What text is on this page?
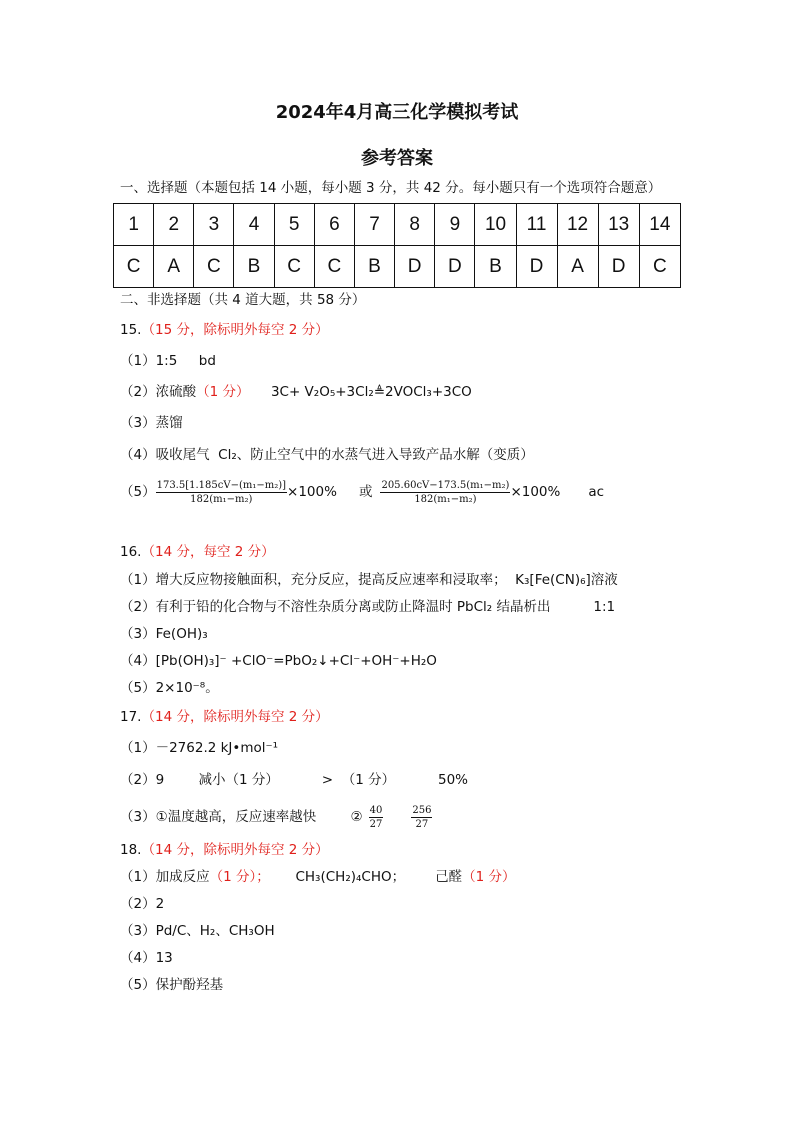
2024年4月高三化学模拟考试
参考答案
一、选择题（本题包括 14 小题，每小题 3 分，共 42 分。每小题只有一个选项符合题意）
1	2	3	4	5	6	7	8	9	10	11	12	13	14
C	A	C	B	C	C	B	D	D	B	D	A	D	C
二、非选择题（共 4 道大题，共 58 分）
15.（15 分，除标明外每空 2 分）
（1）1:5     bd
（2）浓硫酸（1 分）     3C+ V₂O₅+3Cl₂≜2VOCl₃+3CO
（3）蒸馏
（4）吸收尾气  Cl₂、防止空气中的水蒸气进入导致产品水解（变质）
$(5) \frac{\text{173.5[1.185cV−(m₁−m₂)]}}{\text{182(m₁−m₂)}} \times 100\%$ 或 $\frac{\text{205.60cV−173.5(m₁−m₂)}}{\text{182(m₁−m₂)}} \times 100\%$ ac
16.（14 分，每空 2 分）
（1）增大反应物接触面积，充分反应，提高反应速率和浸取率；  K₃[Fe(CN)₆]溶液
（2）有利于铅的化合物与不溶性杂质分离或防止降温时 PbCl₂ 结晶析出          1:1
（3）Fe(OH)₃
（4）[Pb(OH)₃]⁻ +ClO⁻=PbO₂↓+Cl⁻+OH⁻+H₂O
（5）2×10⁻⁸。
17.（14 分，除标明外每空 2 分）
（1）－2762.2 kJ•mol⁻¹
（2）9        减小（1 分）          >  （1 分）          50%
（3）①温度越高，反应速率越快        ② $\frac{40}{27}$	$\frac{256}{27}$
18.（14 分，除标明外每空 2 分）
（1）加成反应（1 分）；      CH₃(CH₂)₄CHO；       己醛（1 分）
（2）2
（3）Pd/C、H₂、CH₃OH
（4）13
（5）保护酚羟基
